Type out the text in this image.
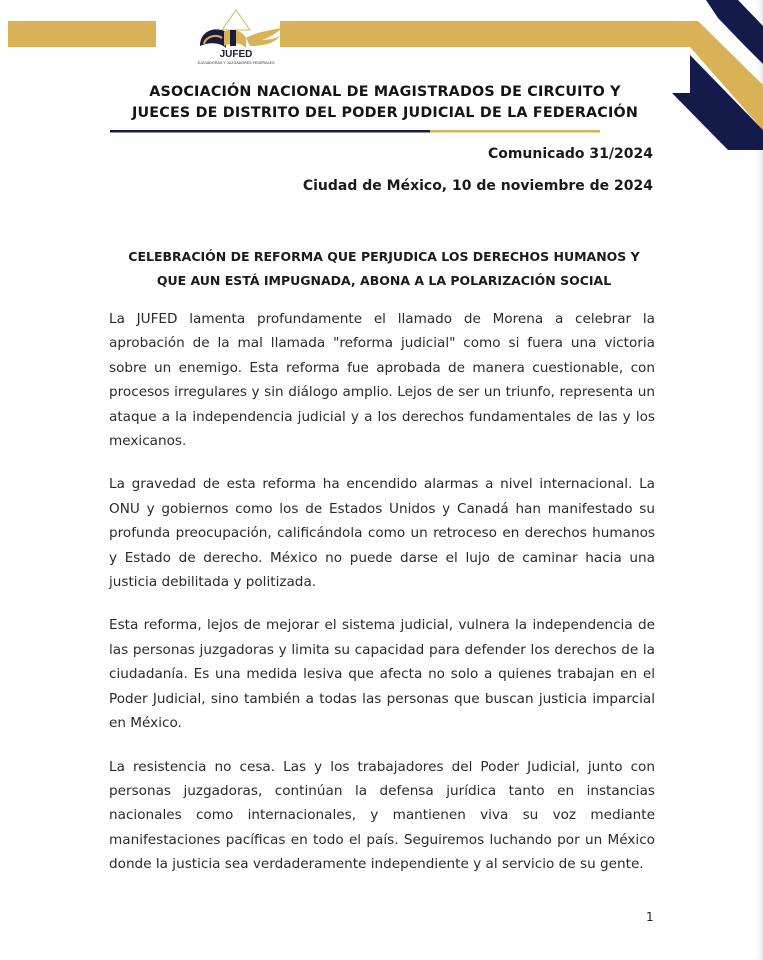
JUFED
JUZGADORAS Y JUZGADORES FEDERALES
ASOCIACIÓN NACIONAL DE MAGISTRADOS DE CIRCUITO Y
JUECES DE DISTRITO DEL PODER JUDICIAL DE LA FEDERACIÓN
Comunicado 31/2024
Ciudad de México, 10 de noviembre de 2024
CELEBRACIÓN DE REFORMA QUE PERJUDICA LOS DERECHOS HUMANOS Y
QUE AUN ESTÁ IMPUGNADA, ABONA A LA POLARIZACIÓN SOCIAL

La JUFED lamenta profundamente el llamado de Morena a celebrar la aprobación de la mal llamada "reforma judicial" como si fuera una victoria sobre un enemigo. Esta reforma fue aprobada de manera cuestionable, con procesos irregulares y sin diálogo amplio. Lejos de ser un triunfo, representa un ataque a la independencia judicial y a los derechos fundamentales de las y los mexicanos.

La gravedad de esta reforma ha encendido alarmas a nivel internacional. La ONU y gobiernos como los de Estados Unidos y Canadá han manifestado su profunda preocupación, calificándola como un retroceso en derechos humanos y Estado de derecho. México no puede darse el lujo de caminar hacia una justicia debilitada y politizada.

Esta reforma, lejos de mejorar el sistema judicial, vulnera la independencia de las personas juzgadoras y limita su capacidad para defender los derechos de la ciudadanía. Es una medida lesiva que afecta no solo a quienes trabajan en el Poder Judicial, sino también a todas las personas que buscan justicia imparcial en México.

La resistencia no cesa. Las y los trabajadores del Poder Judicial, junto con personas juzgadoras, continúan la defensa jurídica tanto en instancias nacionales como internacionales, y mantienen viva su voz mediante manifestaciones pacíficas en todo el país. Seguiremos luchando por un México donde la justicia sea verdaderamente independiente y al servicio de su gente.

1
